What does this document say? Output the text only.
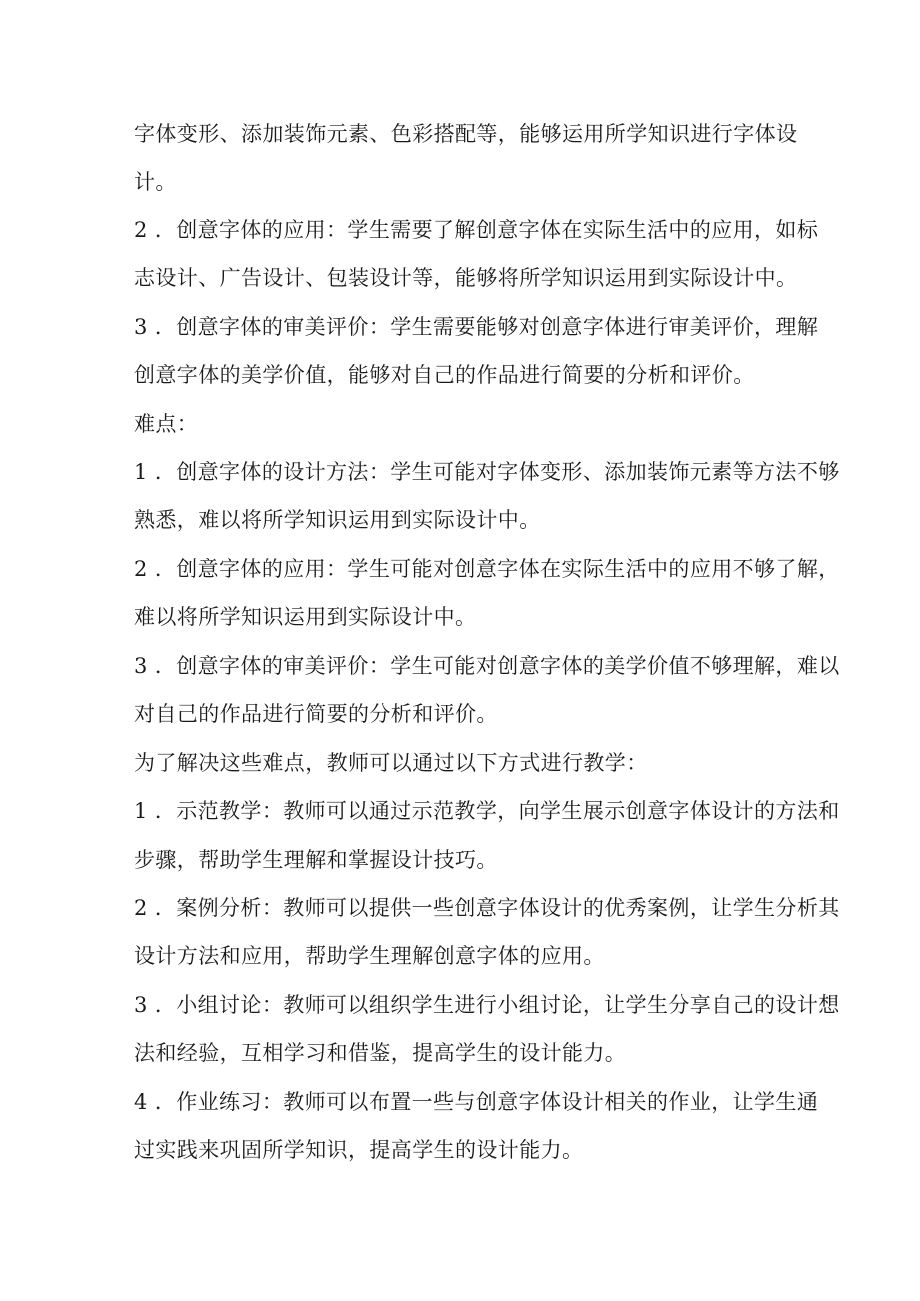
字体变形、添加装饰元素、色彩搭配等，能够运用所学知识进行字体设
计。
2 ．创意字体的应用：学生需要了解创意字体在实际生活中的应用，如标
志设计、广告设计、包装设计等，能够将所学知识运用到实际设计中。
3 ．创意字体的审美评价：学生需要能够对创意字体进行审美评价，理解
创意字体的美学价值，能够对自己的作品进行简要的分析和评价。
难点：
1 ．创意字体的设计方法：学生可能对字体变形、添加装饰元素等方法不够
熟悉，难以将所学知识运用到实际设计中。
2 ．创意字体的应用：学生可能对创意字体在实际生活中的应用不够了解，
难以将所学知识运用到实际设计中。
3 ．创意字体的审美评价：学生可能对创意字体的美学价值不够理解，难以
对自己的作品进行简要的分析和评价。
为了解决这些难点，教师可以通过以下方式进行教学：
1 ．示范教学：教师可以通过示范教学，向学生展示创意字体设计的方法和
步骤，帮助学生理解和掌握设计技巧。
2 ．案例分析：教师可以提供一些创意字体设计的优秀案例，让学生分析其
设计方法和应用，帮助学生理解创意字体的应用。
3 ．小组讨论：教师可以组织学生进行小组讨论，让学生分享自己的设计想
法和经验，互相学习和借鉴，提高学生的设计能力。
4 ．作业练习：教师可以布置一些与创意字体设计相关的作业，让学生通
过实践来巩固所学知识，提高学生的设计能力。
